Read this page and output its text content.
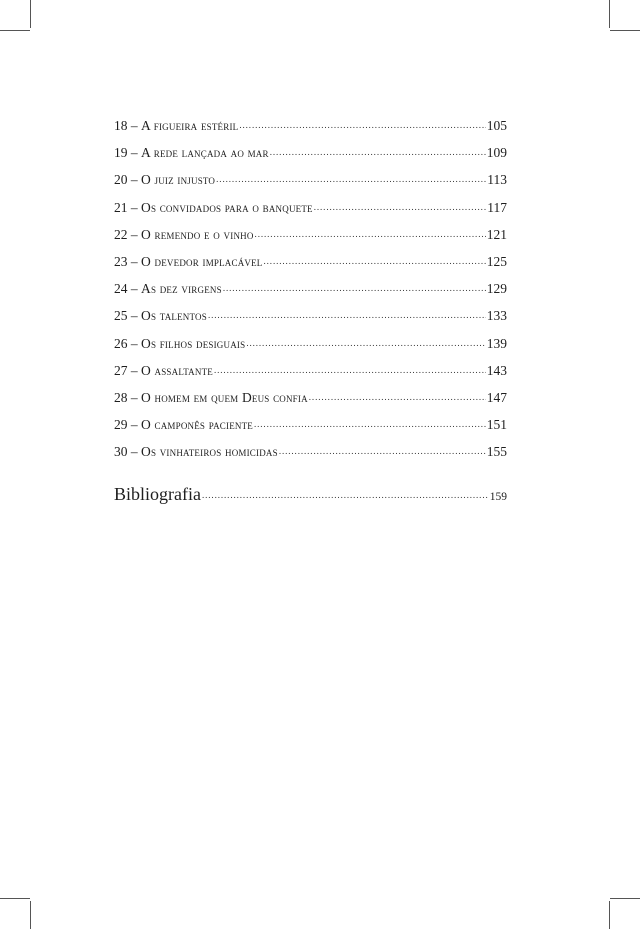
18 – A figueira estéril .....	105
19 – A rede lançada ao mar .....	109
20 – O juiz injusto .....	113
21 – Os convidados para o banquete .....	117
22 – O remendo e o vinho .....	121
23 – O devedor implacável .....	125
24 – As dez virgens .....	129
25 – Os talentos .....	133
26 – Os filhos desiguais .....	139
27 – O assaltante .....	143
28 – O homem em quem Deus confia .....	147
29 – O camponês paciente .....	151
30 – Os vinhateiros homicidas .....	155
Bibliografia .....	159
